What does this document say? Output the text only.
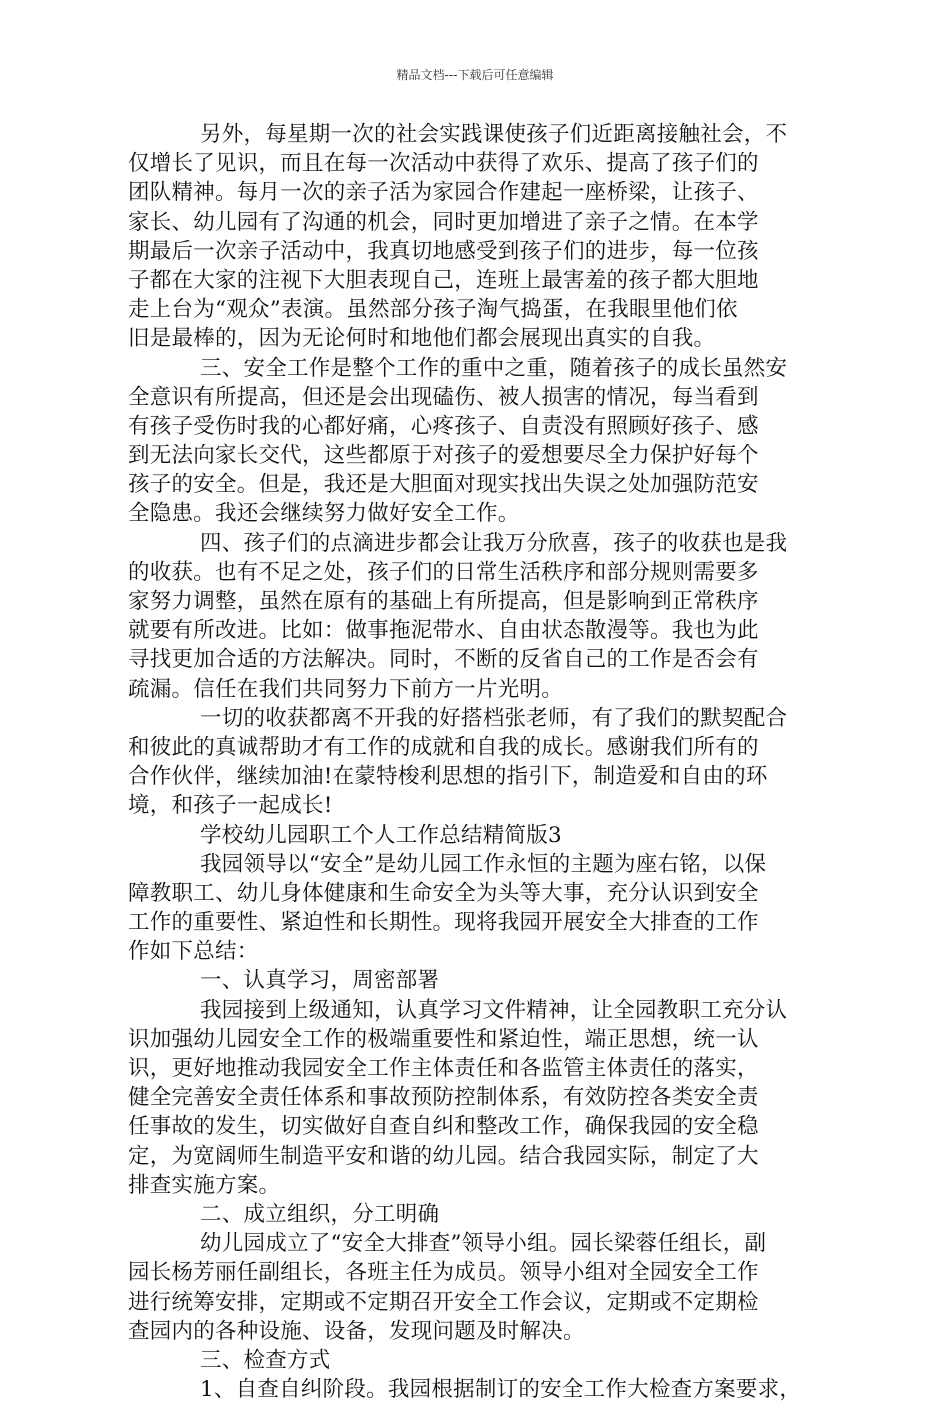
精品文档---下载后可任意编辑
另外，每星期一次的社会实践课使孩子们近距离接触社会，不
仅增长了见识，而且在每一次活动中获得了欢乐、提高了孩子们的
团队精神。每月一次的亲子活为家园合作建起一座桥梁，让孩子、
家长、幼儿园有了沟通的机会，同时更加增进了亲子之情。在本学
期最后一次亲子活动中，我真切地感受到孩子们的进步，每一位孩
子都在大家的注视下大胆表现自己，连班上最害羞的孩子都大胆地
走上台为“观众”表演。虽然部分孩子淘气捣蛋，在我眼里他们依
旧是最棒的，因为无论何时和地他们都会展现出真实的自我。
三、安全工作是整个工作的重中之重，随着孩子的成长虽然安
全意识有所提高，但还是会出现磕伤、被人损害的情况，每当看到
有孩子受伤时我的心都好痛，心疼孩子、自责没有照顾好孩子、感
到无法向家长交代，这些都原于对孩子的爱想要尽全力保护好每个
孩子的安全。但是，我还是大胆面对现实找出失误之处加强防范安
全隐患。我还会继续努力做好安全工作。
四、孩子们的点滴进步都会让我万分欣喜，孩子的收获也是我
的收获。也有不足之处，孩子们的日常生活秩序和部分规则需要多
家努力调整，虽然在原有的基础上有所提高，但是影响到正常秩序
就要有所改进。比如：做事拖泥带水、自由状态散漫等。我也为此
寻找更加合适的方法解决。同时，不断的反省自己的工作是否会有
疏漏。信任在我们共同努力下前方一片光明。
一切的收获都离不开我的好搭档张老师，有了我们的默契配合
和彼此的真诚帮助才有工作的成就和自我的成长。感谢我们所有的
合作伙伴，继续加油!在蒙特梭利思想的指引下，制造爱和自由的环
境，和孩子一起成长!
学校幼儿园职工个人工作总结精简版3
我园领导以“安全”是幼儿园工作永恒的主题为座右铭，以保
障教职工、幼儿身体健康和生命安全为头等大事，充分认识到安全
工作的重要性、紧迫性和长期性。现将我园开展安全大排查的工作
作如下总结：
一、认真学习，周密部署
我园接到上级通知，认真学习文件精神，让全园教职工充分认
识加强幼儿园安全工作的极端重要性和紧迫性，端正思想，统一认
识，更好地推动我园安全工作主体责任和各监管主体责任的落实，
健全完善安全责任体系和事故预防控制体系，有效防控各类安全责
任事故的发生，切实做好自查自纠和整改工作，确保我园的安全稳
定，为宽阔师生制造平安和谐的幼儿园。结合我园实际，制定了大
排查实施方案。
二、成立组织，分工明确
幼儿园成立了“安全大排查”领导小组。园长梁蓉任组长，副
园长杨芳丽任副组长，各班主任为成员。领导小组对全园安全工作
进行统筹安排，定期或不定期召开安全工作会议，定期或不定期检
查园内的各种设施、设备，发现问题及时解决。
三、检查方式
1、自查自纠阶段。我园根据制订的安全工作大检查方案要求，
